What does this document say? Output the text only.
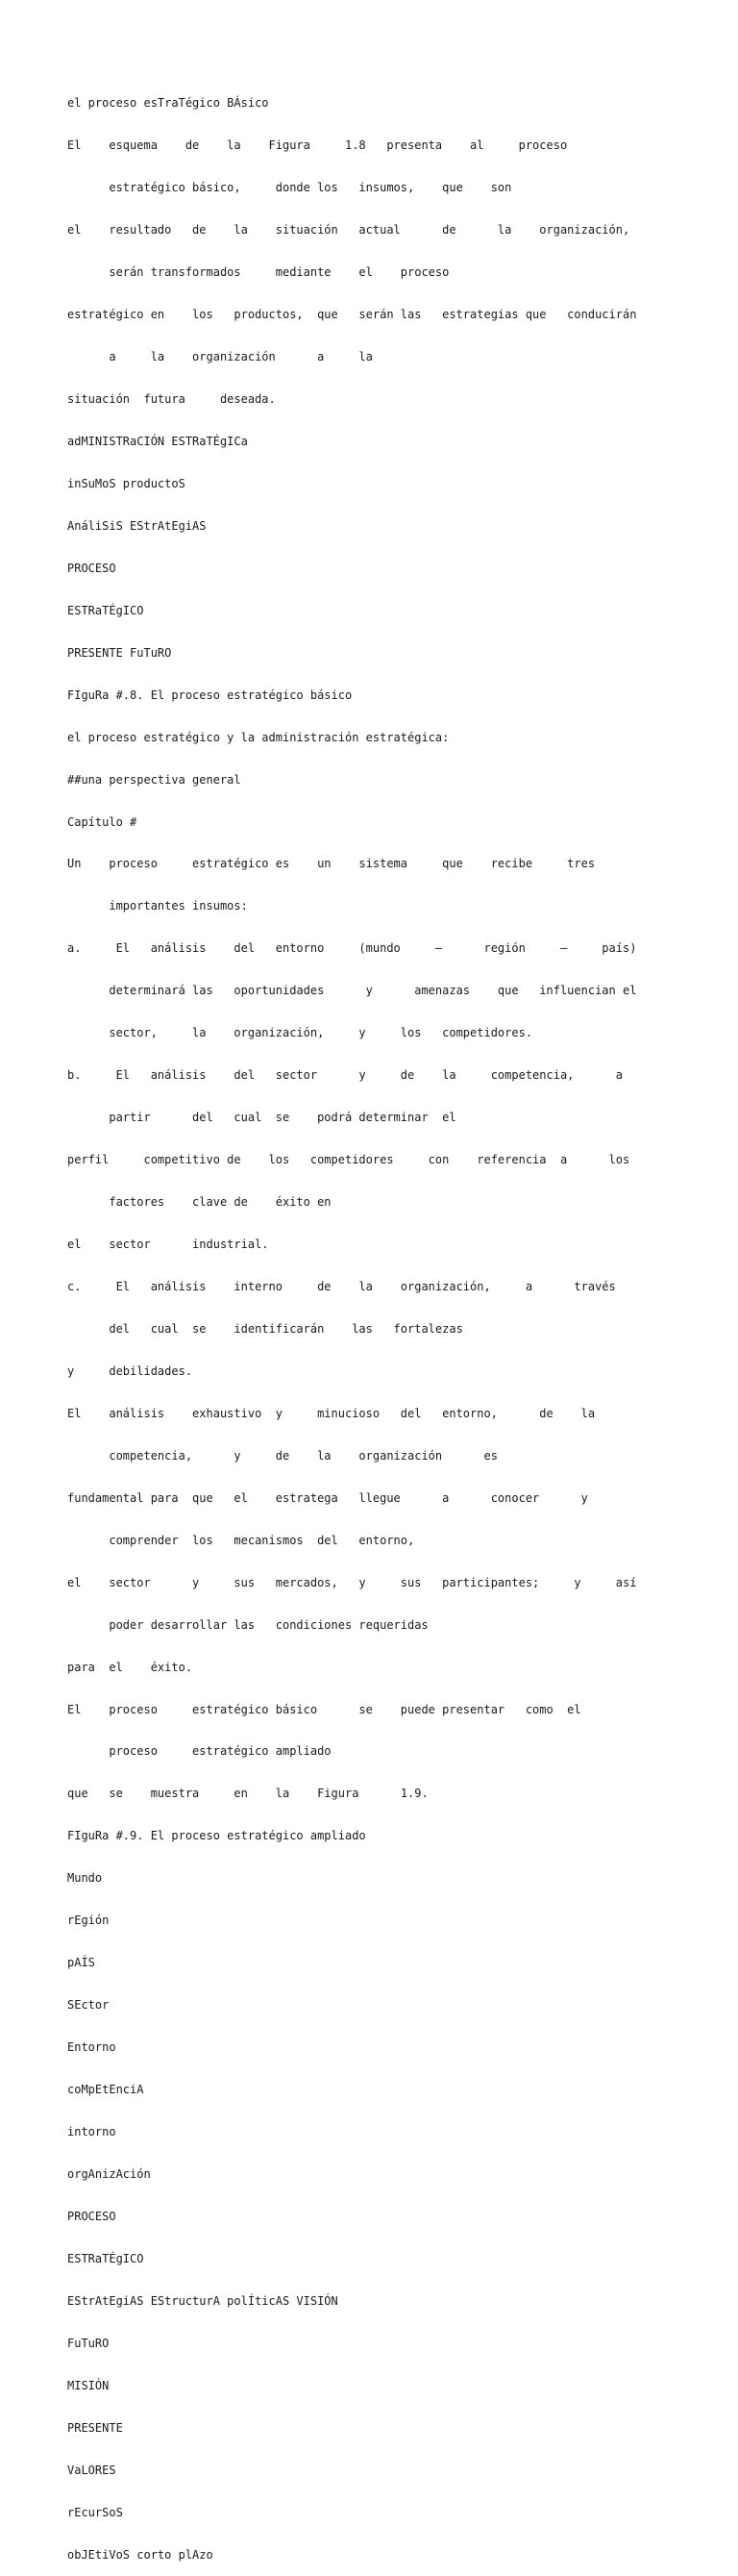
el proceso esTraTégico BÁsico

El    esquema    de    la    Figura     1.8   presenta    al     proceso

estratégico básico,     donde los   insumos,    que    son

el    resultado   de    la    situación   actual      de      la    organización,

serán transformados     mediante    el    proceso

estratégico en    los   productos,  que   serán las   estrategias que   conducirán

a     la    organización      a     la

situación  futura     deseada.

adMINISTRaCIÓN ESTRaTÉgICa

inSuMoS productoS

AnáliSiS EStrAtEgiAS

PROCESO

ESTRaTÉgICO

PRESENTE FuTuRO

FIguRa #.8. El proceso estratégico básico

el proceso estratégico y la administración estratégica:

##una perspectiva general

Capítulo #

Un    proceso     estratégico es    un    sistema     que    recibe     tres

importantes insumos:

a.     El   análisis    del   entorno     (mundo     –      región     –     país)

determinará las   oportunidades      y      amenazas    que   influencian el

sector,     la    organización,     y     los   competidores.

b.     El   análisis    del   sector      y     de    la     competencia,      a

partir      del   cual  se    podrá determinar  el

perfil     competitivo de    los   competidores     con    referencia  a      los

factores    clave de    éxito en

el    sector      industrial.

c.     El   análisis    interno     de    la    organización,     a      través

del   cual  se    identificarán    las   fortalezas

y     debilidades.

El    análisis    exhaustivo  y     minucioso   del   entorno,      de    la

competencia,      y     de    la    organización      es

fundamental para  que   el    estratega   llegue      a      conocer      y

comprender  los   mecanismos  del   entorno,

el    sector      y     sus   mercados,   y     sus   participantes;     y     así

poder desarrollar las   condiciones requeridas

para  el    éxito.

El    proceso     estratégico básico      se    puede presentar   como  el

proceso     estratégico ampliado

que   se    muestra     en    la    Figura      1.9.

FIguRa #.9. El proceso estratégico ampliado

Mundo

rEgión

pAÍS

SEctor

Entorno

coMpEtEnciA

intorno

orgAnizAción

PROCESO

ESTRaTÉgICO

EStrAtEgiAS EStructurA polÍticAS VISIÓN

FuTuRO

MISIÓN

PRESENTE

VaLORES

rEcurSoS

obJEtiVoS corto plAzo
